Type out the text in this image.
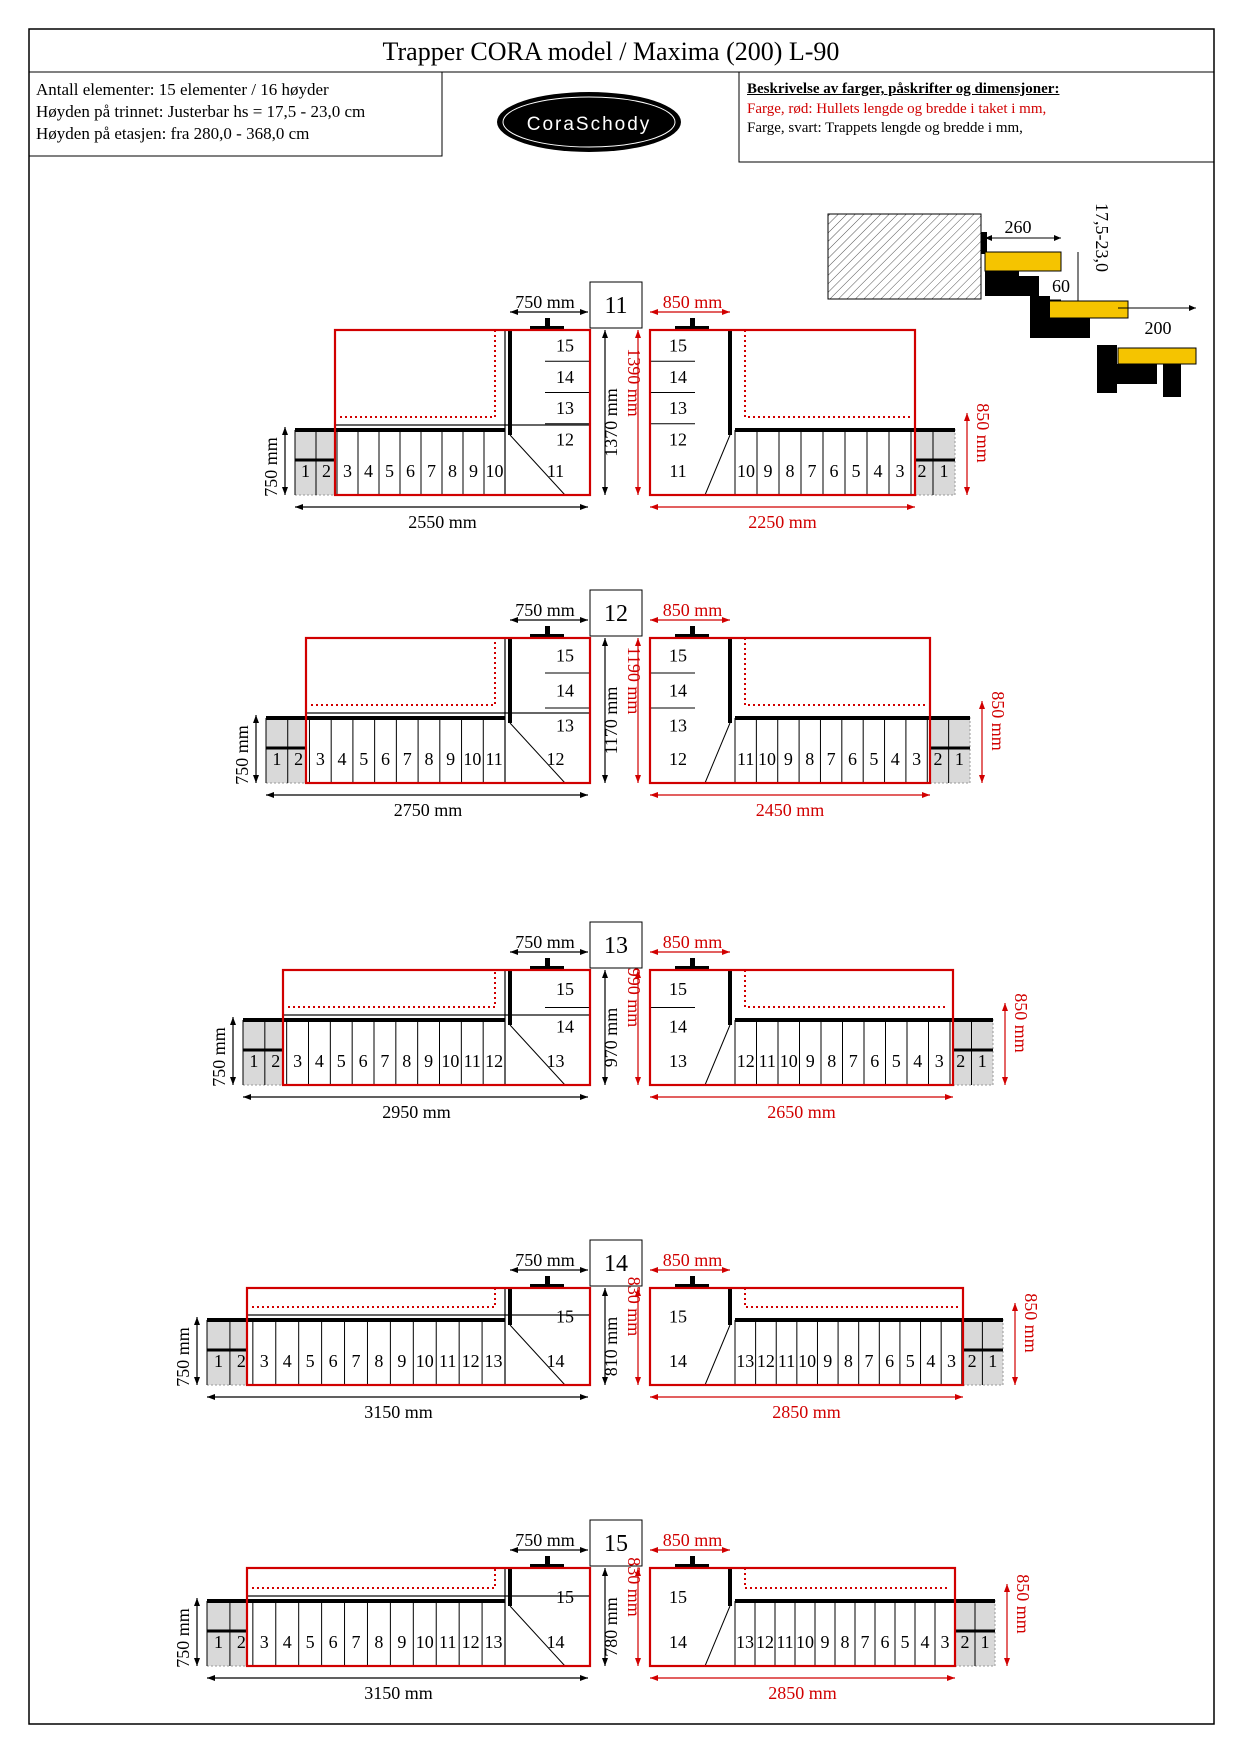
Trapper CORA model / Maxima (200) L-90
CoraSchody
260	17,5-23,0
60
200
1 2 3 4 5 6 7 8 9 10 11
15
14
13
12
2550 mm
750 mm
1370 mm
750 mm 11
1
2
3
4
5
6
7
8
9
10
11
15
14
13
12
2250 mm
1390 mm
850 mm
850 mm
1 2 3 4 5 6 7 8 9 10 11 12
15
14
13
2750 mm
750 mm
1170 mm
750 mm 12
1
2
3
4
5
6
7
8
9
10
11
12
15
14
13
2450 mm
1190 mm
850 mm
850 mm
1 2 3 4 5 6 7 8 9 10 11 12 13
15
14
2950 mm
750 mm	970 mm
750 mm 13
1
2
3
4
5
6
7
8
9
10
11
12
13
15
14
2650 mm
990 mm	850 mm
850 mm
1 2 3 4 5 6 7 8 9 10 11 12 13 14
15
3150 mm
750 mm	810 mm
750 mm 14
1
2
3
4
5
6
7
8
9
10
11
12
13
14
15
2850 mm
830 mm	850 mm
850 mm
1 2 3 4 5 6 7 8 9 10 11 12 13 14
15
3150 mm
750 mm	780 mm
750 mm 15
1
2
3
4
5
6
7
8
9
10
11
12
13
14
15
2850 mm
830 mm	850 mm
850 mm
Antall elementer: 15 elementer / 16 høyder
Høyden på trinnet: Justerbar hs = 17,5 - 23,0 cm
Høyden på etasjen: fra 280,0 - 368,0 cm
Beskrivelse av farger, påskrifter og dimensjoner:
Farge, rød: Hullets lengde og bredde i taket i mm,
Farge, svart: Trappets lengde og bredde i mm,
